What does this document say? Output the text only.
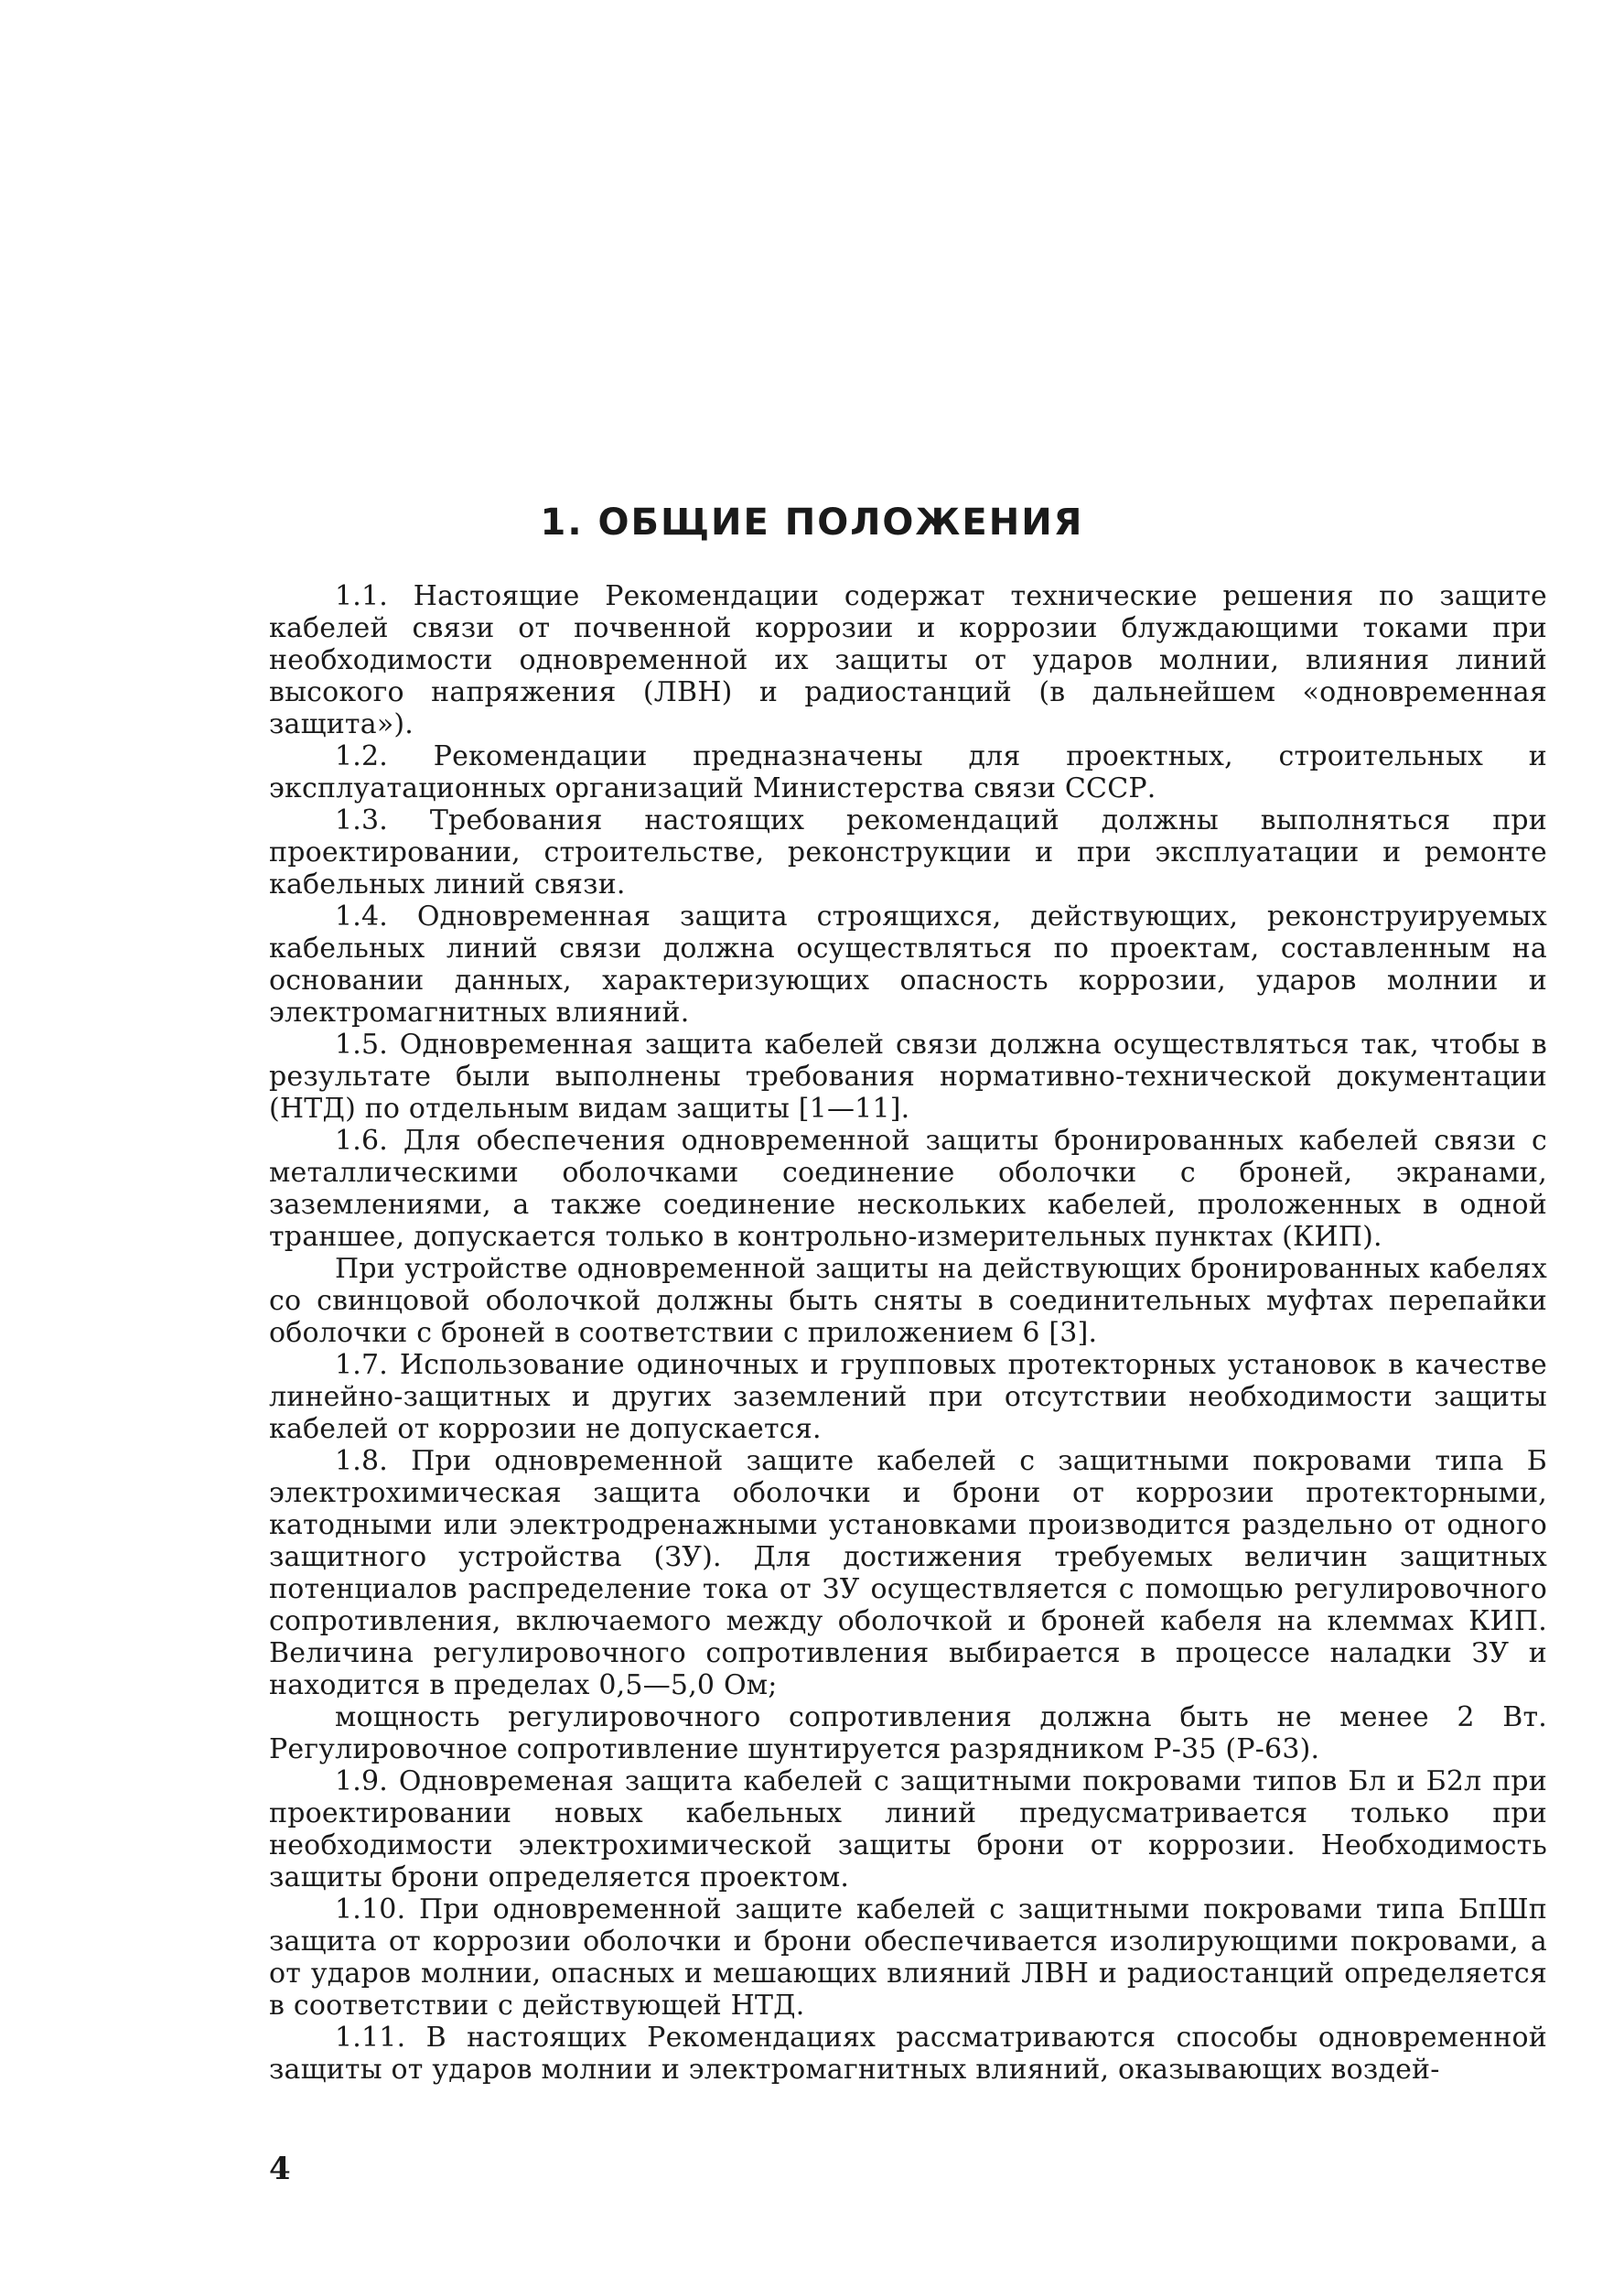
1. ОБЩИЕ ПОЛОЖЕНИЯ

1.1. Настоящие Рекомендации содержат технические решения по защите кабелей связи от почвенной коррозии и коррозии блуждающими токами при необходимости одновременной их защиты от ударов молнии, влияния линий высокого напряжения (ЛВН) и радиостанций (в дальнейшем «одновременная защита»).

1.2. Рекомендации предназначены для проектных, строительных и эксплуатационных организаций Министерства связи СССР.

1.3. Требования настоящих рекомендаций должны выполняться при проектировании, строительстве, реконструкции и при эксплуатации и ремонте кабельных линий связи.

1.4. Одновременная защита строящихся, действующих, реконструируемых кабельных линий связи должна осуществляться по проектам, составленным на основании данных, характеризующих опасность коррозии, ударов молнии и электромагнитных влияний.

1.5. Одновременная защита кабелей связи должна осуществляться так, чтобы в результате были выполнены требования нормативно-технической документации (НТД) по отдельным видам защиты [1—11].

1.6. Для обеспечения одновременной защиты бронированных кабелей связи с металлическими оболочками соединение оболочки с броней, экранами, заземлениями, а также соединение нескольких кабелей, проложенных в одной траншее, допускается только в контрольно-измерительных пунктах (КИП).

При устройстве одновременной защиты на действующих бронированных кабелях со свинцовой оболочкой должны быть сняты в соединительных муфтах перепайки оболочки с броней в соответствии с приложением 6 [3].

1.7. Использование одиночных и групповых протекторных установок в качестве линейно-защитных и других заземлений при отсутствии необходимости защиты кабелей от коррозии не допускается.

1.8. При одновременной защите кабелей с защитными покровами типа Б электрохимическая защита оболочки и брони от коррозии протекторными, катодными или электродренажными установками производится раздельно от одного защитного устройства (ЗУ). Для достижения требуемых величин защитных потенциалов распределение тока от ЗУ осуществляется с помощью регулировочного сопротивления, включаемого между оболочкой и броней кабеля на клеммах КИП. Величина регулировочного сопротивления выбирается в процессе наладки ЗУ и находится в пределах 0,5—5,0 Ом;

мощность регулировочного сопротивления должна быть не менее 2 Вт. Регулировочное сопротивление шунтируется разрядником Р-35 (Р-63).

1.9. Одновременая защита кабелей с защитными покровами типов Бл и Б2л при проектировании новых кабельных линий предусматривается только при необходимости электрохимической защиты брони от коррозии. Необходимость защиты брони определяется проектом.

1.10. При одновременной защите кабелей с защитными покровами типа БпШп защита от коррозии оболочки и брони обеспечивается изолирующими покровами, а от ударов молнии, опасных и мешающих влияний ЛВН и радиостанций определяется в соответствии с действующей НТД.

1.11. В настоящих Рекомендациях рассматриваются способы одновременной защиты от ударов молнии и электромагнитных влияний, оказывающих воздей-

4
